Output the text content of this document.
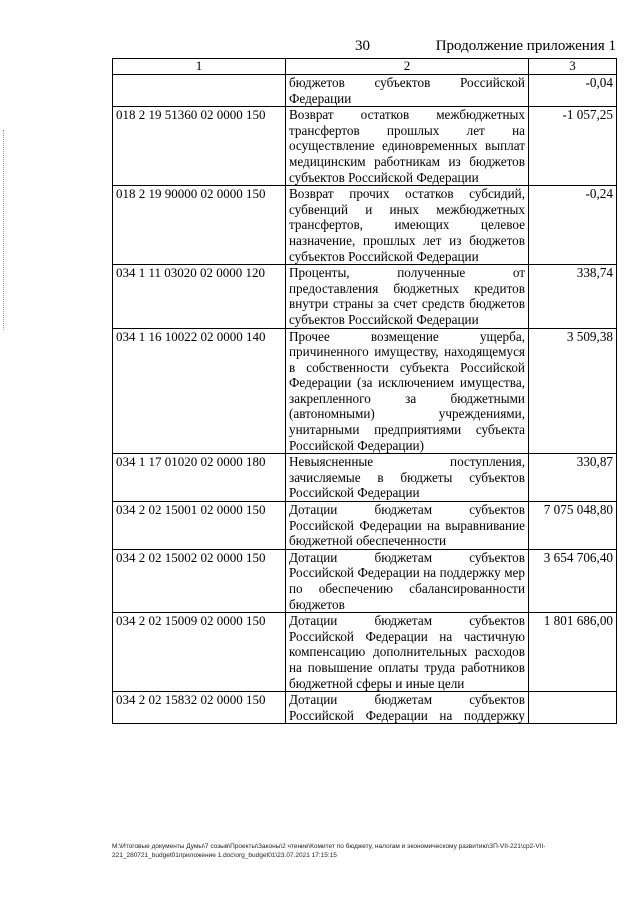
30	Продолжение приложения 1
1	2	3
	бюджетов субъектов Российской Федерации	-0,04
018 2 19 51360 02 0000 150	Возврат остатков межбюджетных трансфертов прошлых лет на осуществление единовременных выплат медицинским работникам из бюджетов субъектов Российской Федерации	-1 057,25
018 2 19 90000 02 0000 150	Возврат прочих остатков субсидий, субвенций и иных межбюджетных трансфертов, имеющих целевое назначение, прошлых лет из бюджетов субъектов Российской Федерации	-0,24
034 1 11 03020 02 0000 120	Проценты, полученные от предоставления бюджетных кредитов внутри страны за счет средств бюджетов субъектов Российской Федерации	338,74
034 1 16 10022 02 0000 140	Прочее возмещение ущерба, причиненного имуществу, находящемуся в собственности субъекта Российской Федерации (за исключением имущества, закрепленного за бюджетными (автономными) учреждениями, унитарными предприятиями субъекта Российской Федерации)	3 509,38
034 1 17 01020 02 0000 180	Невыясненные поступления, зачисляемые в бюджеты субъектов Российской Федерации	330,87
034 2 02 15001 02 0000 150	Дотации бюджетам субъектов Российской Федерации на выравнивание бюджетной обеспеченности	7 075 048,80
034 2 02 15002 02 0000 150	Дотации бюджетам субъектов Российской Федерации на поддержку мер по обеспечению сбалансированности бюджетов	3 654 706,40
034 2 02 15009 02 0000 150	Дотации бюджетам субъектов Российской Федерации на частичную компенсацию дополнительных расходов на повышение оплаты труда работников бюджетной сферы и иные цели	1 801 686,00
034 2 02 15832 02 0000 150	Дотации бюджетам субъектов Российской Федерации на поддержку	
M:\Итоговые документы Думы\7 созыв\Проекты\Законы\2 чтение\Комитет по бюджету, налогам и экономическому развитию\ЗП-VII-221\ср2-VII-221_280721_budget01приложение 1.doc\org_budget01\23.07.2021 17:15:15
